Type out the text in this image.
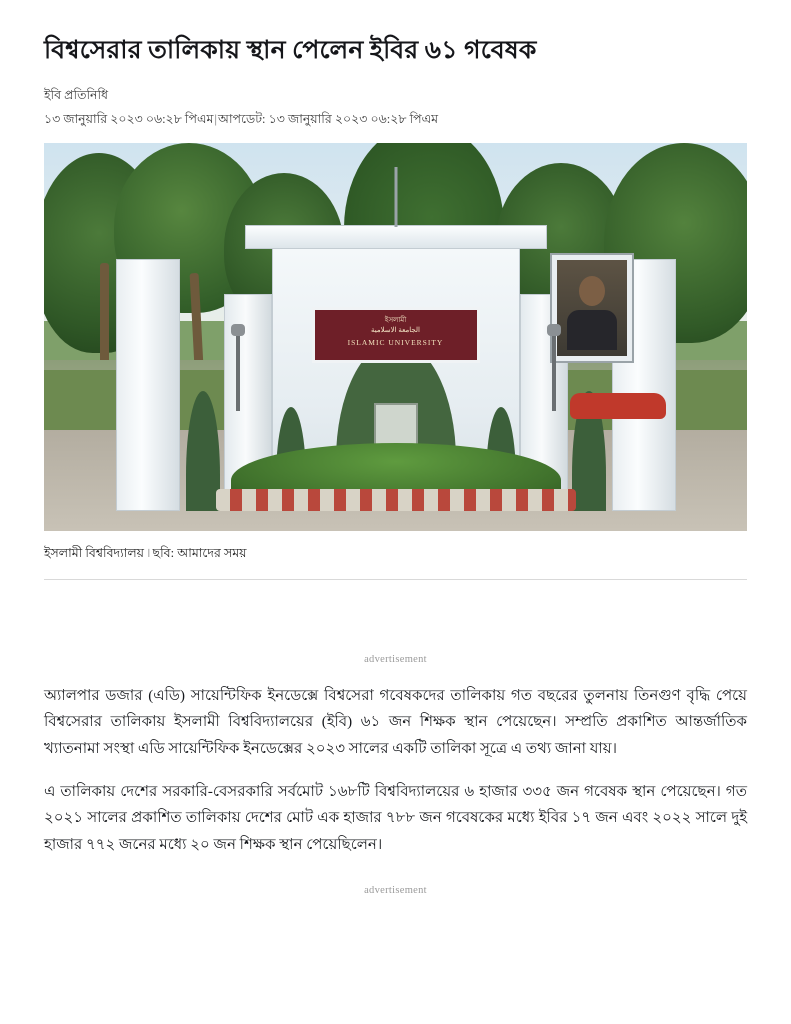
বিশ্বসেরার তালিকায় স্থান পেলেন ইবির ৬১ গবেষক
ইবি প্রতিনিধি
১৩ জানুয়ারি ২০২৩ ০৬:২৮ পিএম|আপডেট: ১৩ জানুয়ারি ২০২৩ ০৬:২৮ পিএম
ইসলামী
الجامعة الاسلامية
ISLAMIC UNIVERSITY
ইসলামী বিশ্ববিদ্যালয় । ছবি: আমাদের সময়
advertisement

অ্যালপার ডজার (এডি) সায়েন্টিফিক ইনডেক্সে বিশ্বসেরা গবেষকদের তালিকায় গত বছরের তুলনায় তিনগুণ বৃদ্ধি পেয়ে বিশ্বসেরার তালিকায় ইসলামী বিশ্ববিদ্যালয়ের (ইবি) ৬১ জন শিক্ষক স্থান পেয়েছেন। সম্প্রতি প্রকাশিত আন্তর্জাতিক খ্যাতনামা সংস্থা এডি সায়েন্টিফিক ইনডেক্সের ২০২৩ সালের একটি তালিকা সূত্রে এ তথ্য জানা যায়।

এ তালিকায় দেশের সরকারি-বেসরকারি সর্বমোট ১৬৮টি বিশ্ববিদ্যালয়ের ৬ হাজার ৩৩৫ জন গবেষক স্থান পেয়েছেন। গত ২০২১ সালের প্রকাশিত তালিকায় দেশের মোট এক হাজার ৭৮৮ জন গবেষকের মধ্যে ইবির ১৭ জন এবং ২০২২ সালে দুই হাজার ৭৭২ জনের মধ্যে ২০ জন শিক্ষক স্থান পেয়েছিলেন।

advertisement
